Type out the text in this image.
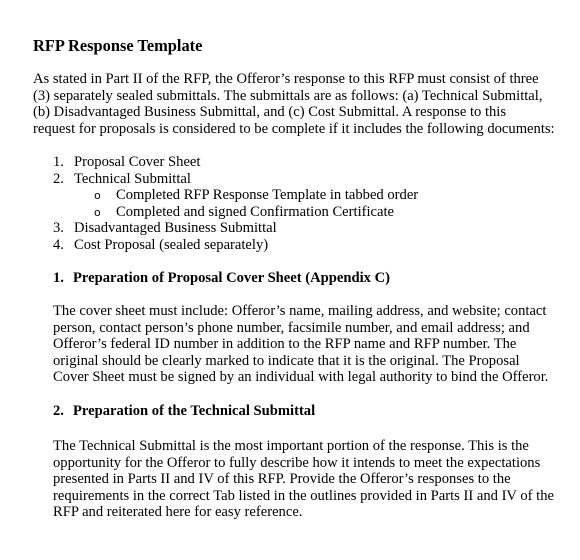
RFP Response Template
As stated in Part II of the RFP, the Offeror’s response to this RFP must consist of three
(3) separately sealed submittals. The submittals are as follows: (a) Technical Submittal,
(b) Disadvantaged Business Submittal, and (c) Cost Submittal. A response to this
request for proposals is considered to be complete if it includes the following documents:
1. Proposal Cover Sheet
2. Technical Submittal
o Completed RFP Response Template in tabbed order
o Completed and signed Confirmation Certificate
3. Disadvantaged Business Submittal
4. Cost Proposal (sealed separately)
1. Preparation of Proposal Cover Sheet (Appendix C)
The cover sheet must include: Offeror’s name, mailing address, and website; contact
person, contact person’s phone number, facsimile number, and email address; and
Offeror’s federal ID number in addition to the RFP name and RFP number. The
original should be clearly marked to indicate that it is the original. The Proposal
Cover Sheet must be signed by an individual with legal authority to bind the Offeror.
2. Preparation of the Technical Submittal
The Technical Submittal is the most important portion of the response. This is the
opportunity for the Offeror to fully describe how it intends to meet the expectations
presented in Parts II and IV of this RFP. Provide the Offeror’s responses to the
requirements in the correct Tab listed in the outlines provided in Parts II and IV of the
RFP and reiterated here for easy reference.
